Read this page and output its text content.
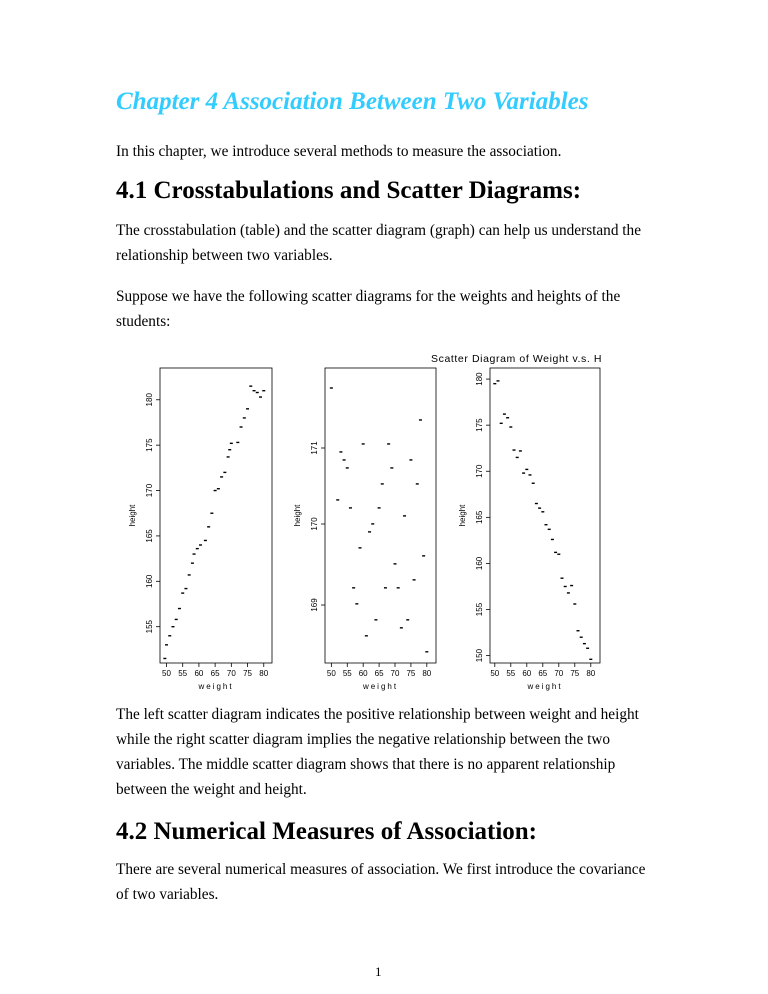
Chapter 4 Association Between Two Variables

In this chapter, we introduce several methods to measure the association.

4.1 Crosstabulations and Scatter Diagrams:

The crosstabulation (table) and the scatter diagram (graph) can help us understand the
relationship between two variables.

Suppose we have the following scatter diagrams for the weights and heights of the
students:

Scatter Diagram of Weight v.s. H
50 55 60 65 70 75 80
weight
155
160
165
170
175
180
height
50 55 60 65 70 75 80
weight
169
170
171
height
50 55 60 65 70 75 80
weight
150
155
160
165
170
175
180
height

The left scatter diagram indicates the positive relationship between weight and height
while the right scatter diagram implies the negative relationship between the two
variables. The middle scatter diagram shows that there is no apparent relationship
between the weight and height.

4.2 Numerical Measures of Association:

There are several numerical measures of association. We first introduce the covariance
of two variables.

1
